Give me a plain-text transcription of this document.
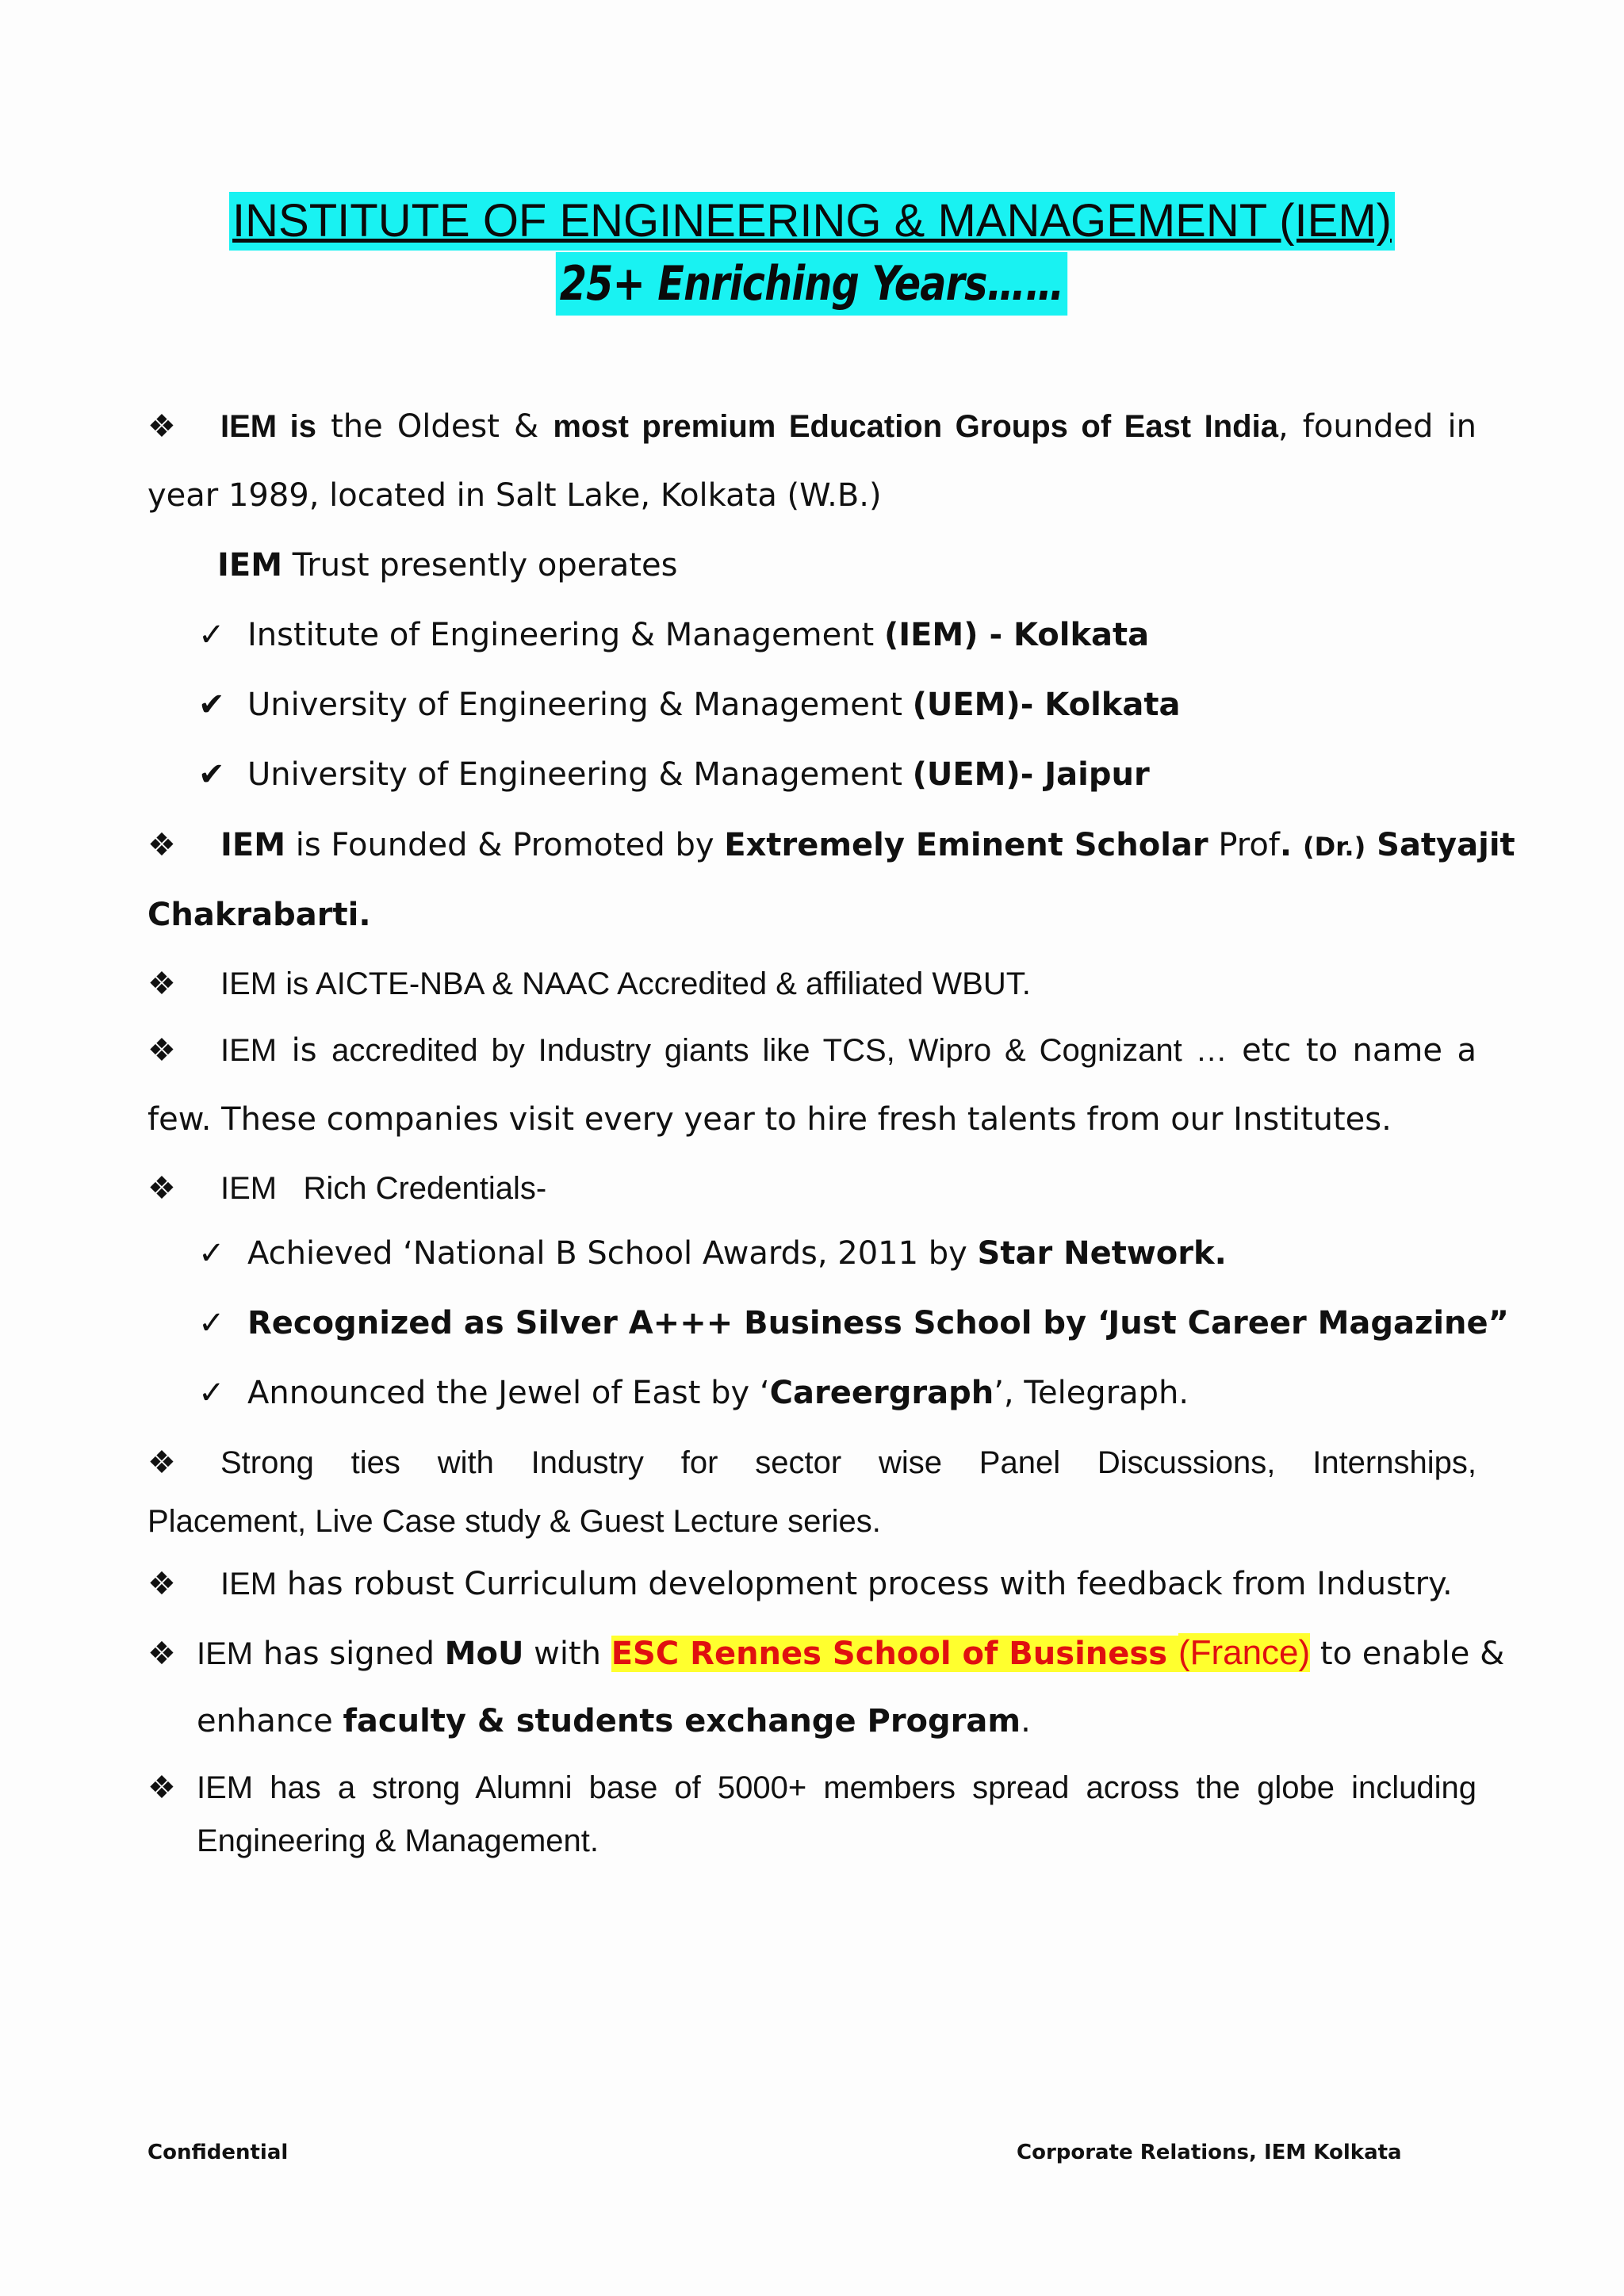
INSTITUTE OF ENGINEERING & MANAGEMENT (IEM)
25+ Enriching Years……
❖ IEM is the Oldest & most premium Education Groups of East India, founded in
year 1989, located in Salt Lake, Kolkata (W.B.)
IEM Trust presently operates
✓ Institute of Engineering & Management (IEM) - Kolkata
✔ University of Engineering & Management (UEM)- Kolkata
✔ University of Engineering & Management (UEM)- Jaipur
❖ IEM is Founded & Promoted by Extremely Eminent Scholar Prof. (Dr.) Satyajit
Chakrabarti.
❖ IEM is AICTE-NBA & NAAC Accredited & affiliated WBUT.
❖ IEM is accredited by Industry giants like TCS, Wipro & Cognizant … etc to name a
few. These companies visit every year to hire fresh talents from our Institutes.
❖ IEM   Rich Credentials-
✓ Achieved ‘National B School Awards, 2011 by Star Network.
✓ Recognized as Silver A+++ Business School by ‘Just Career Magazine”
✓ Announced the Jewel of East by ‘Careergraph’, Telegraph.
❖ Strong ties with Industry for sector wise Panel Discussions, Internships,
Placement, Live Case study & Guest Lecture series.
❖ IEM has robust Curriculum development process with feedback from Industry.
❖ IEM has signed MoU with ESC Rennes School of Business (France) to enable &
enhance faculty & students exchange Program.
❖ IEM has a strong Alumni base of 5000+ members spread across the globe including
Engineering & Management.
Confidential	Corporate Relations, IEM Kolkata
